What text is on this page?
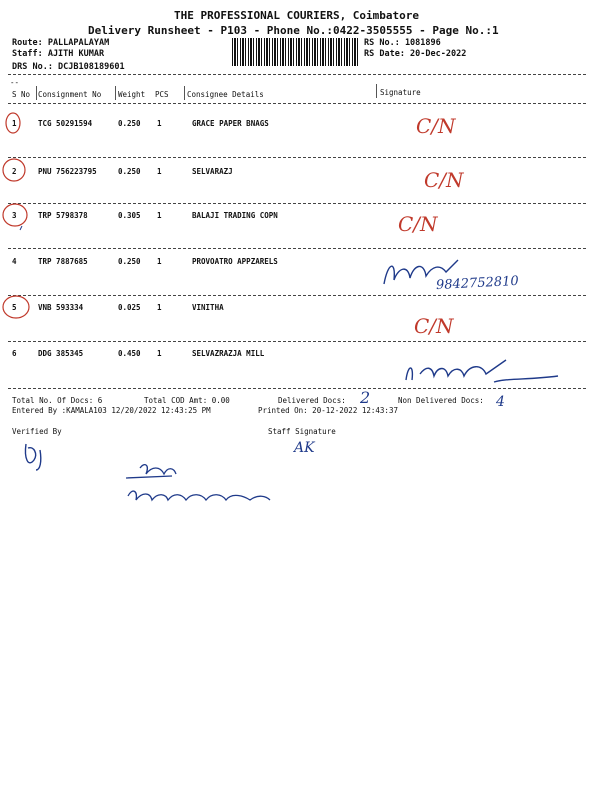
THE PROFESSIONAL COURIERS, Coimbatore
Delivery Runsheet - P103 - Phone No.:0422-3505555 - Page No.:1
Route: PALLAPALAYAM
Staff: AJITH KUMAR
DRS No.: DCJB108189601
RS No.: 1081896
RS Date: 20-Dec-2022
--
S No Consignment No Weight PCS Consignee Details	Signature
1	TCG 50291594	0.250 1	GRACE PAPER BNAGS
2	PNU 756223795	0.250 1	SELVARAZJ
3	TRP 5798378	0.305 1	BALAJI TRADING COPN
4	TRP 7887685	0.250 1	PROVOATRO APPZARELS
5	VNB 593334	0.025 1	VINITHA
6	DDG 385345	0.450 1	SELVAZRAZJA MILL
Total No. Of Docs: 6	Total COD Amt: 0.00	Delivered Docs:	Non Delivered Docs:
Entered By :KAMALA103 12/20/2022 12:43:25 PM	Printed On: 20-12-2022 12:43:37
Verified By	Staff Signature
C/N
C/N
C/N
C/N
9842752810
2	4
AK
